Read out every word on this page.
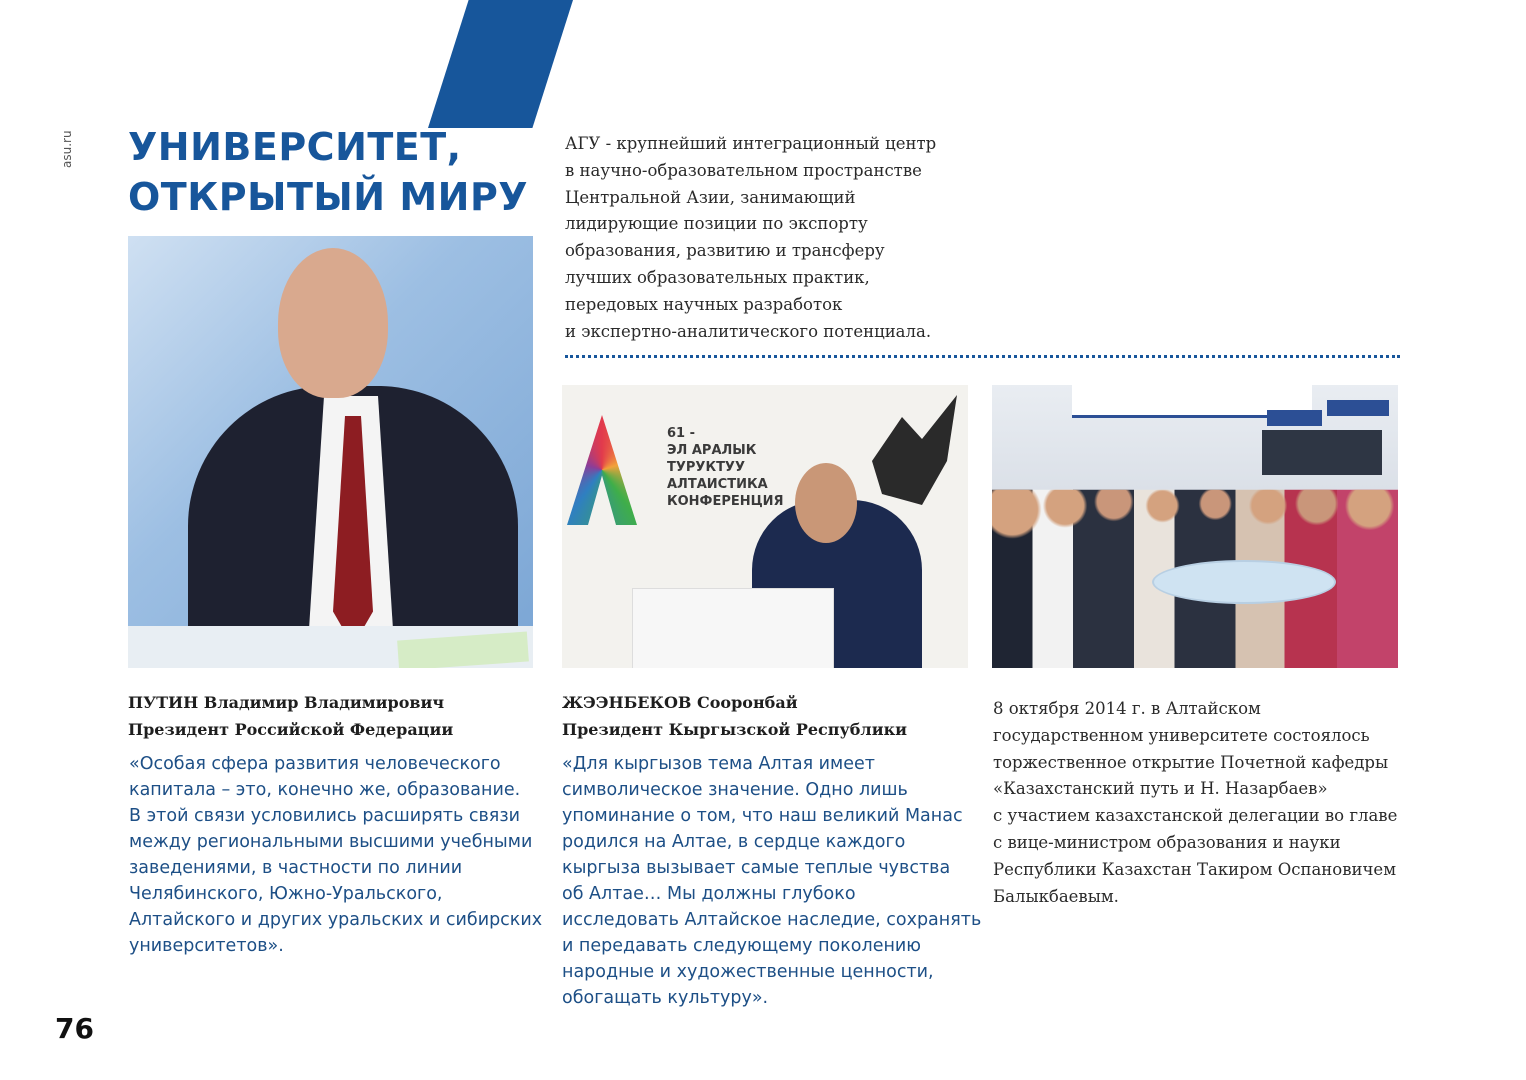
asu.ru	УНИВЕРСИТЕТ,
ОТКРЫТЫЙ МИРУ
АГУ - крупнейший интеграционный центр
в научно-образовательном пространстве
Центральной Азии, занимающий
лидирующие позиции по экспорту
образования, развитию и трансферу
лучших образовательных практик,
передовых научных разработок
и экспертно-аналитического потенциала.
61 -
ЭЛ АРАЛЫК
ТУРУКТУУ
АЛТАИСТИКА
КОНФЕРЕНЦИЯ
ПУТИН Владимир Владимирович
Президент Российской Федерации
«Особая сфера развития человеческого
капитала – это, конечно же, образование.
В этой связи условились расширять связи
между региональными высшими учебными
заведениями, в частности по линии
Челябинского, Южно-Уральского,
Алтайского и других уральских и сибирских
университетов».
ЖЭЭНБЕКОВ Сооронбай
Президент Кыргызской Республики
«Для кыргызов тема Алтая имеет
символическое значение. Одно лишь
упоминание о том, что наш великий Манас
родился на Алтае, в сердце каждого
кыргыза вызывает самые теплые чувства
об Алтае… Мы должны глубоко
исследовать Алтайское наследие, сохранять
и передавать следующему поколению
народные и художественные ценности,
обогащать культуру».
8 октября 2014 г. в Алтайском
государственном университете состоялось
торжественное открытие Почетной кафедры
«Казахстанский путь и Н. Назарбаев»
с участием казахстанской делегации во главе
с вице-министром образования и науки
Республики Казахстан Такиром Оспановичем
Балыкбаевым.
76
